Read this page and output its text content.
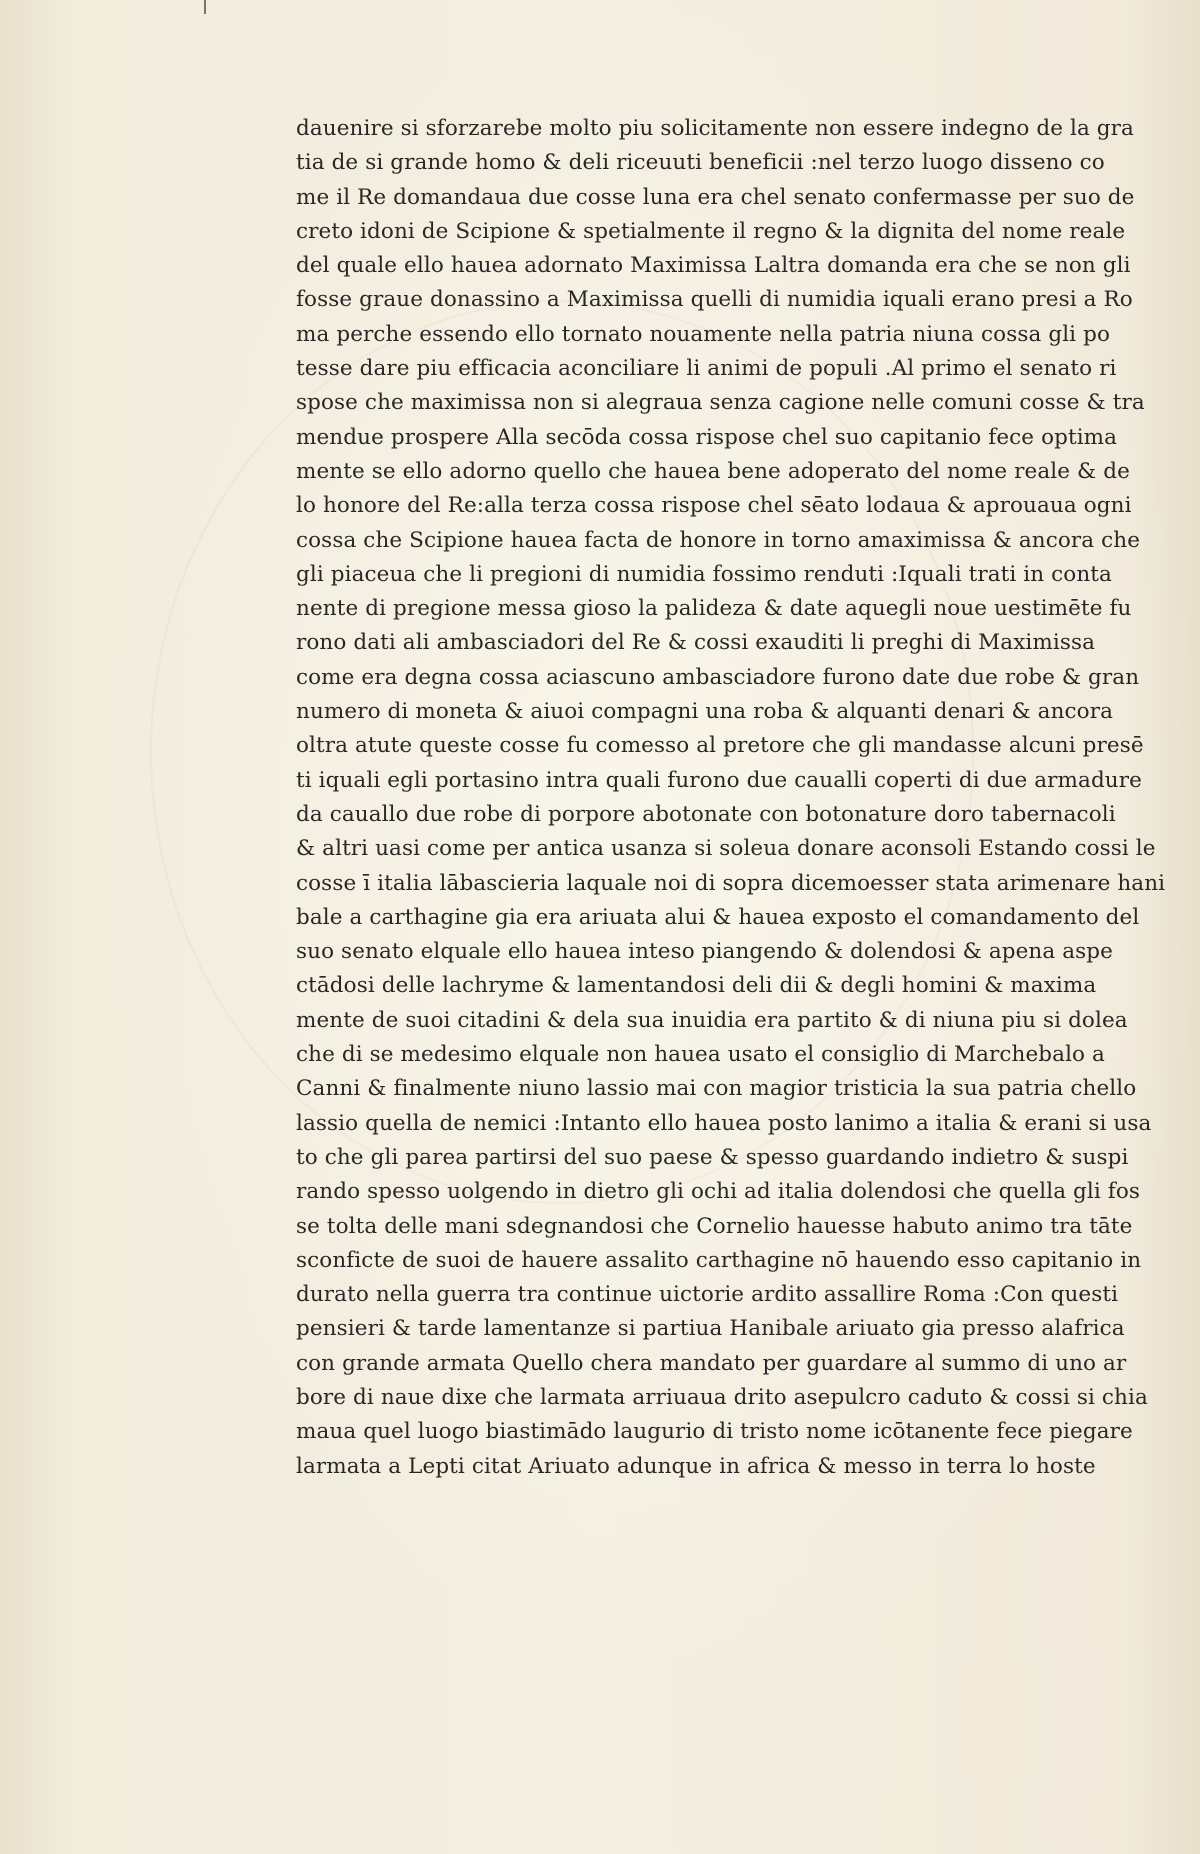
dauenire si sforzarebe molto piu solicitamente non essere indegno de la gra
tia de si grande homo & deli riceuuti beneficii :nel terzo luogo disseno co
me il Re domandaua due cosse luna era chel senato confermasse per suo de
creto idoni de Scipione & spetialmente il regno & la dignita del nome reale
del quale ello hauea adornato Maximissa Laltra domanda era che se non gli
fosse graue donassino a Maximissa quelli di numidia iquali erano presi a Ro
ma perche essendo ello tornato nouamente nella patria niuna cossa gli po
tesse dare piu efficacia aconciliare li animi de populi .Al primo el senato ri
spose che maximissa non si alegraua senza cagione nelle comuni cosse & tra
mendue prospere Alla secōda cossa rispose chel suo capitanio fece optima
mente se ello adorno quello che hauea bene adoperato del nome reale & de
lo honore del Re:alla terza cossa rispose chel sēato lodaua & aprouaua ogni
cossa che Scipione hauea facta de honore in torno amaximissa & ancora che
gli piaceua che li pregioni di numidia fossimo renduti :Iquali trati in conta
nente di pregione messa gioso la palideza & date aquegli noue uestimēte fu
rono dati ali ambasciadori del Re & cossi exauditi li preghi di Maximissa
come era degna cossa aciascuno ambasciadore furono date due robe & gran
numero di moneta & aiuoi compagni una roba & alquanti denari & ancora
oltra atute queste cosse fu comesso al pretore che gli mandasse alcuni presē
ti iquali egli portasino intra quali furono due caualli coperti di due armadure
da cauallo due robe di porpore abotonate con botonature doro tabernacoli
& altri uasi come per antica usanza si soleua donare aconsoli Estando cossi le
cosse ī italia lābascieria laquale noi di sopra dicemoesser stata arimenare hani
bale a carthagine gia era ariuata alui & hauea exposto el comandamento del
suo senato elquale ello hauea inteso piangendo & dolendosi & apena aspe
ctādosi delle lachryme & lamentandosi deli dii & degli homini & maxima
mente de suoi citadini & dela sua inuidia era partito & di niuna piu si dolea
che di se medesimo elquale non hauea usato el consiglio di Marchebalo a
Canni & finalmente niuno lassio mai con magior tristicia la sua patria chello
lassio quella de nemici :Intanto ello hauea posto lanimo a italia & erani si usa
to che gli parea partirsi del suo paese & spesso guardando indietro & suspi
rando spesso uolgendo in dietro gli ochi ad italia dolendosi che quella gli fos
se tolta delle mani sdegnandosi che Cornelio hauesse habuto animo tra tāte
sconficte de suoi de hauere assalito carthagine nō hauendo esso capitanio in
durato nella guerra tra continue uictorie ardito assallire Roma :Con questi
pensieri & tarde lamentanze si partiua Hanibale ariuato gia presso alafrica
con grande armata Quello chera mandato per guardare al summo di uno ar
bore di naue dixe che larmata arriuaua drito asepulcro caduto & cossi si chia
maua quel luogo biastimādo laugurio di tristo nome icōtanente fece piegare
larmata a Lepti citat Ariuato adunque in africa & messo in terra lo hoste
